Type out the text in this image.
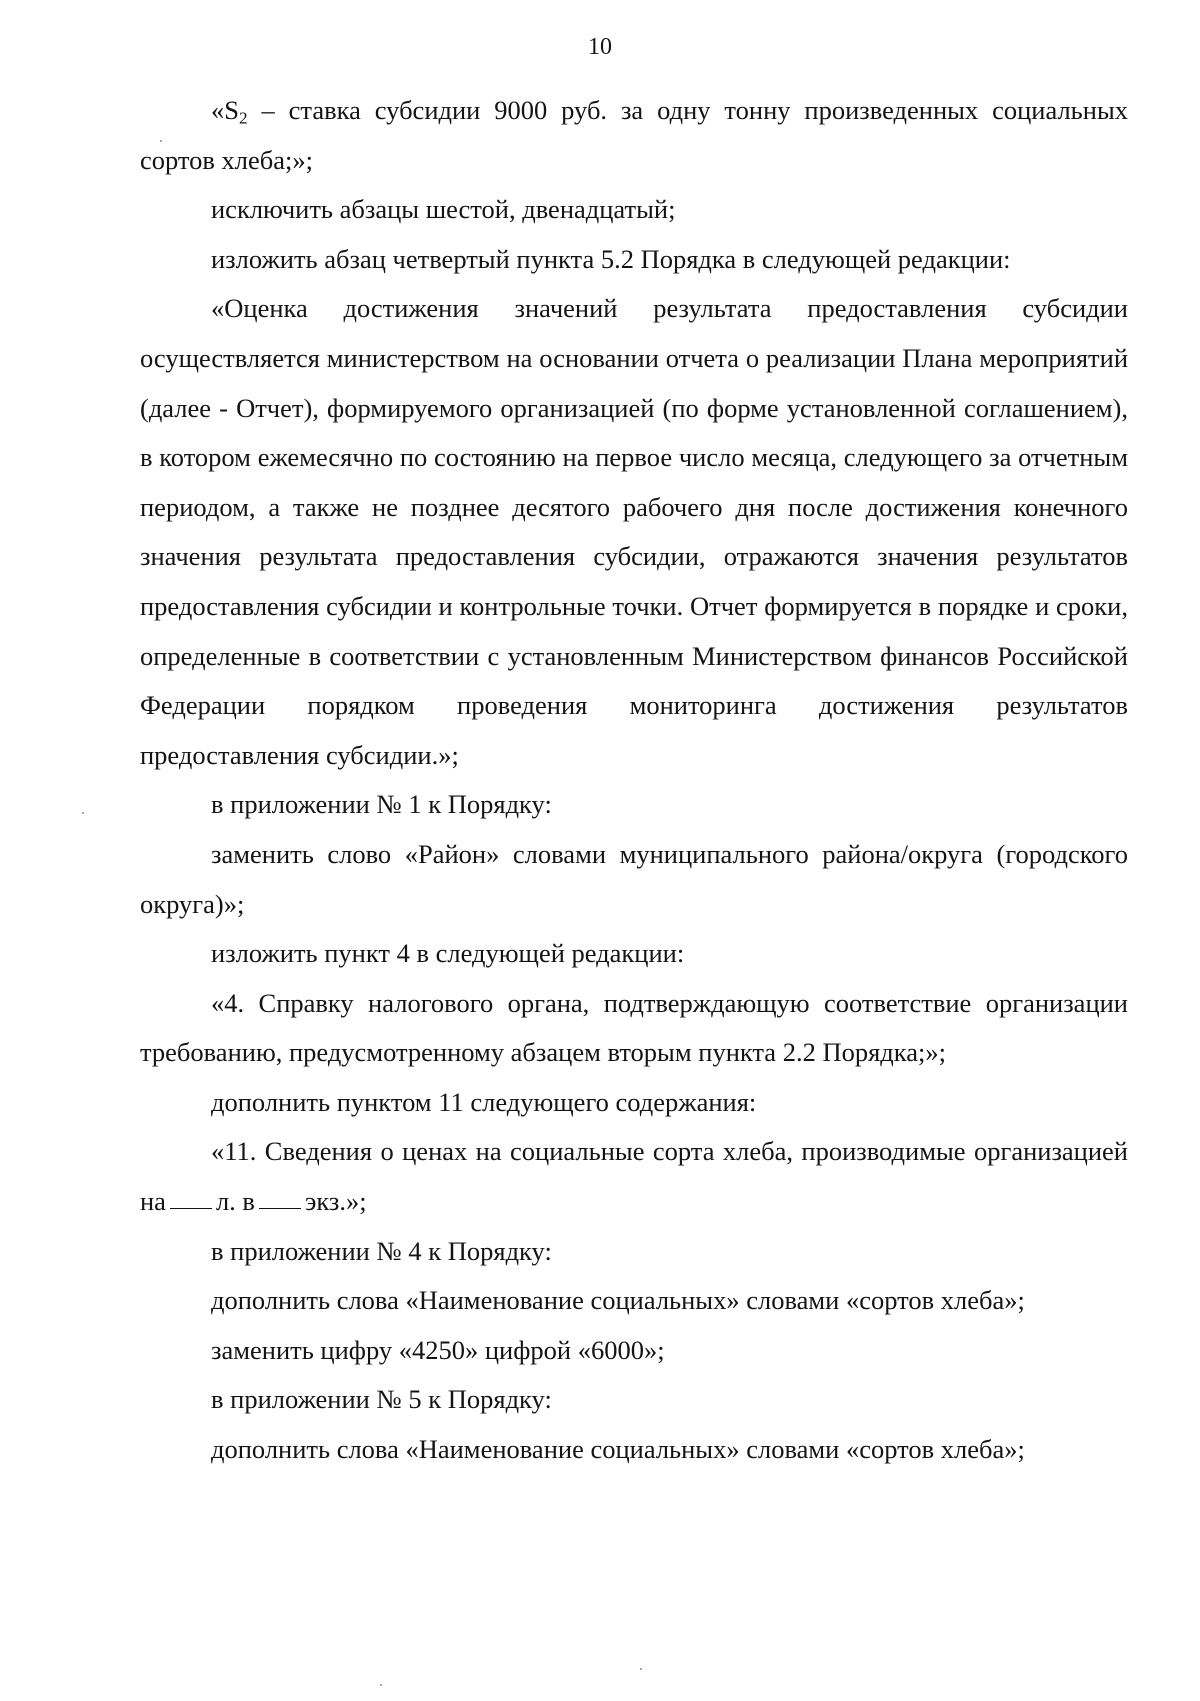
10

«$S_2$ – ставка субсидии 9000 руб. за одну тонну произведенных социальных сортов хлеба;»;

исключить абзацы шестой, двенадцатый;

изложить абзац четвертый пункта 5.2 Порядка в следующей редакции:

«Оценка достижения значений результата предоставления субсидии осуществляется министерством на основании отчета о реализации Плана мероприятий (далее - Отчет), формируемого организацией (по форме установленной соглашением), в котором ежемесячно по состоянию на первое число месяца, следующего за отчетным периодом, а также не позднее десятого рабочего дня после достижения конечного значения результата предоставления субсидии, отражаются значения результатов предоставления субсидии и контрольные точки. Отчет формируется в порядке и сроки, определенные в соответствии с установленным Министерством финансов Российской Федерации порядком проведения мониторинга достижения результатов предоставления субсидии.»;

в приложении № 1 к Порядку:

заменить слово «Район» словами муниципального района/округа (городского округа)»;

изложить пункт 4 в следующей редакции:

«4. Справку налогового органа, подтверждающую соответствие организации требованию, предусмотренному абзацем вторым пункта 2.2 Порядка;»;

дополнить пунктом 11 следующего содержания:

«11. Сведения о ценах на социальные сорта хлеба, производимые организацией на л. в экз.»;

в приложении № 4 к Порядку:

дополнить слова «Наименование социальных» словами «сортов хлеба»;

заменить цифру «4250» цифрой «6000»;

в приложении № 5 к Порядку:

дополнить слова «Наименование социальных» словами «сортов хлеба»;
